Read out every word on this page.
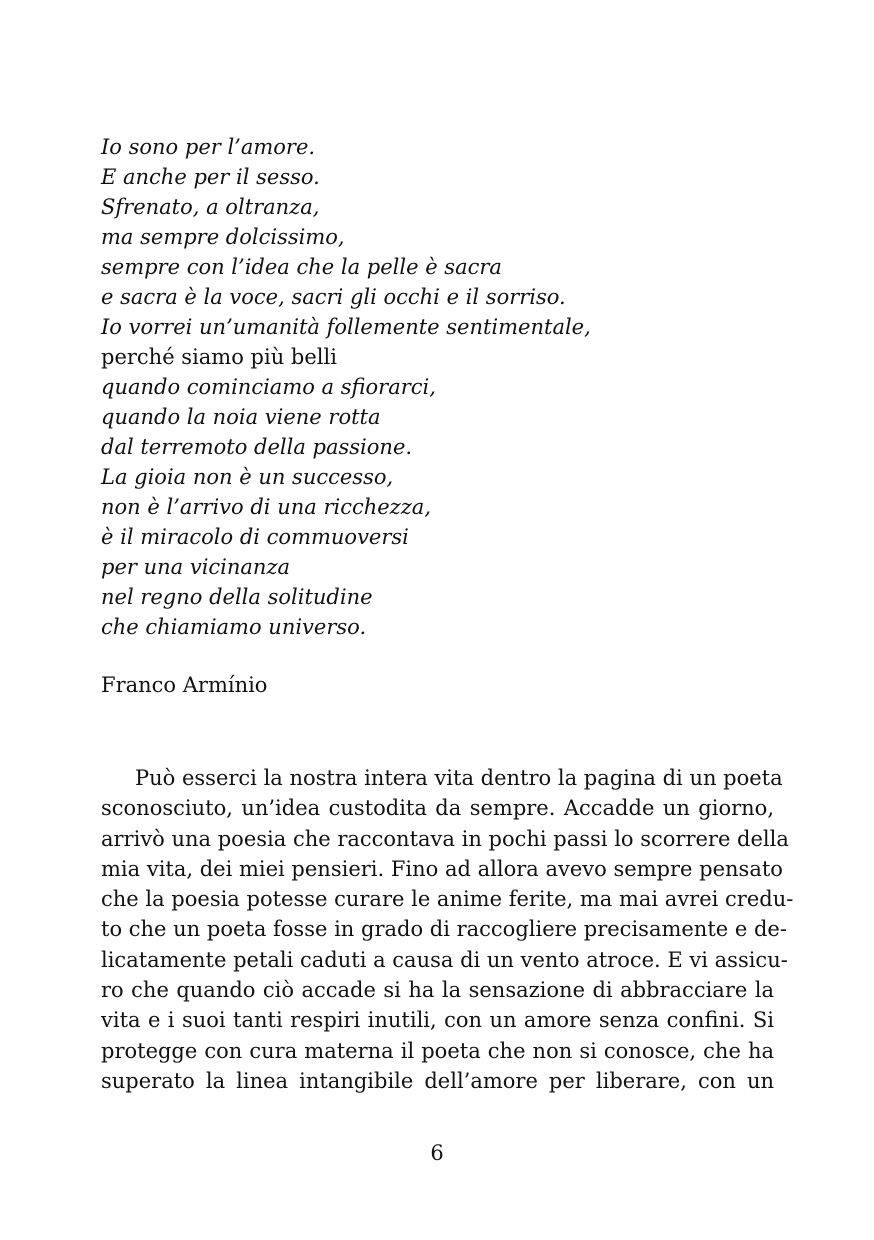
Io sono per l’amore.
E anche per il sesso.
Sfrenato, a oltranza,
ma sempre dolcissimo,
sempre con l’idea che la pelle è sacra
e sacra è la voce, sacri gli occhi e il sorriso.
Io vorrei un’umanità follemente sentimentale,
perché siamo più belli
quando cominciamo a sfiorarci,
quando la noia viene rotta
dal terremoto della passione.
La gioia non è un successo,
non è l’arrivo di una ricchezza,
è il miracolo di commuoversi
per una vicinanza
nel regno della solitudine
che chiamiamo universo.
Franco Armínio
Può esserci la nostra intera vita dentro la pagina di un poeta
sconosciuto, un’idea custodita da sempre. Accadde un giorno,
arrivò una poesia che raccontava in pochi passi lo scorrere della
mia vita, dei miei pensieri. Fino ad allora avevo sempre pensato
che la poesia potesse curare le anime ferite, ma mai avrei credu-
to che un poeta fosse in grado di raccogliere precisamente e de-
licatamente petali caduti a causa di un vento atroce. E vi assicu-
ro che quando ciò accade si ha la sensazione di abbracciare la
vita e i suoi tanti respiri inutili, con un amore senza confini. Si
protegge con cura materna il poeta che non si conosce, che ha
superato la linea intangibile dell’amore per liberare, con un
6
